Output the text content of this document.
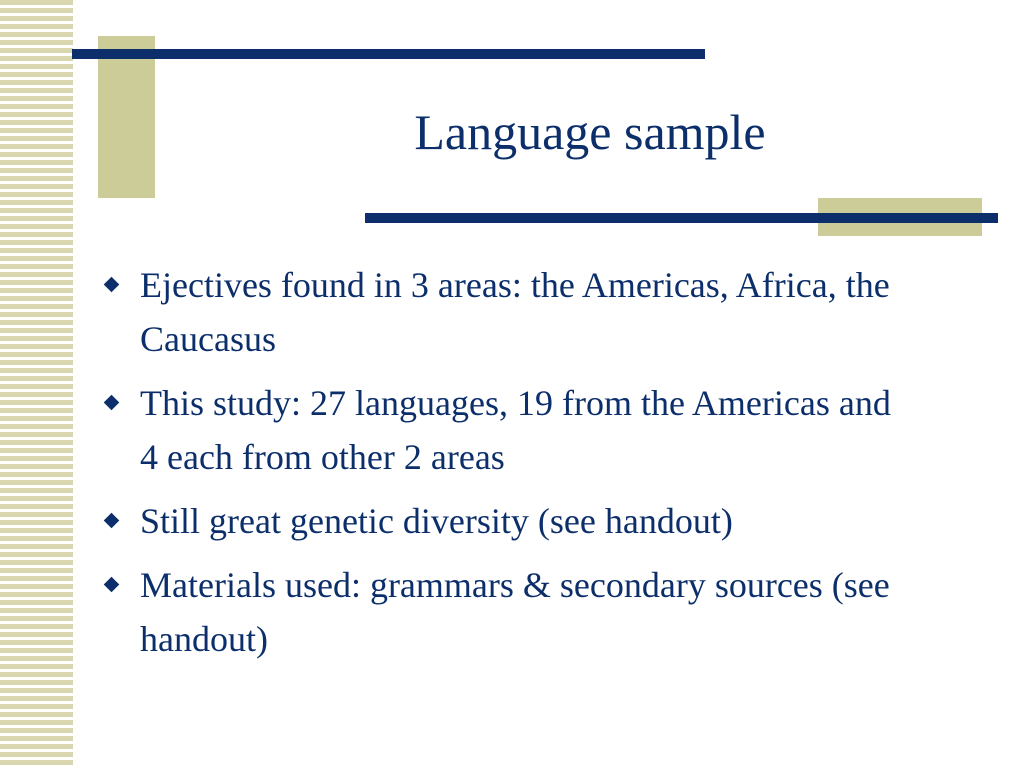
Language sample
Ejectives found in 3 areas: the Americas, Africa, the Caucasus
This study: 27 languages, 19 from the Americas and 4 each from other 2 areas
Still great genetic diversity (see handout)
Materials used: grammars & secondary sources (see handout)
